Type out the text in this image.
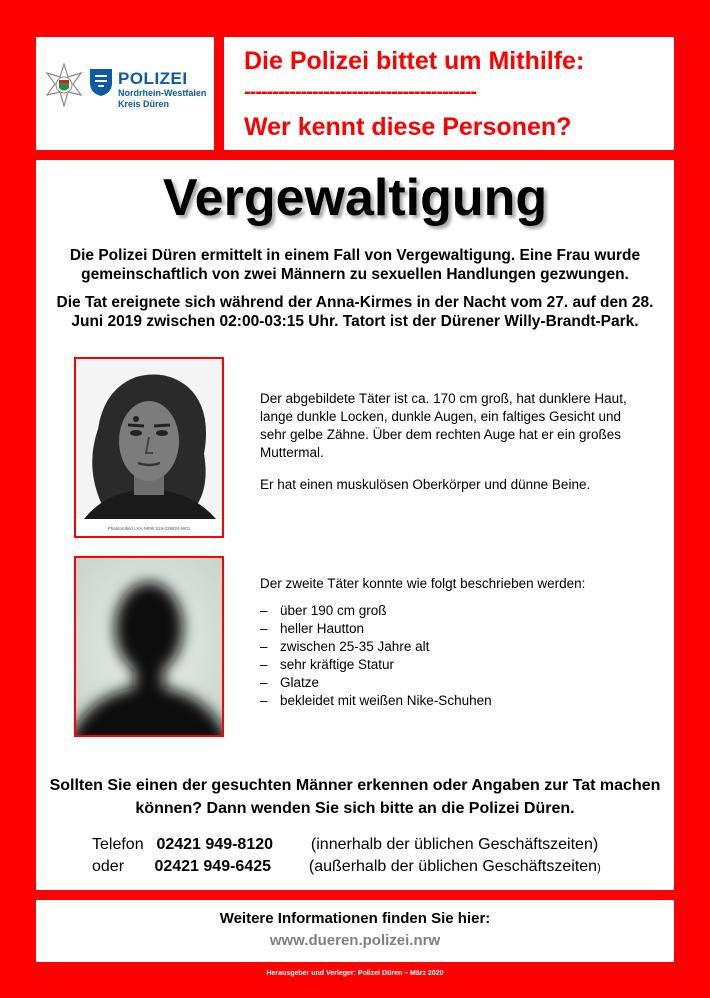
POLIZEI
Nordrhein-Westfalen
Kreis Düren
Die Polizei bittet um Mithilfe:
-----------------------------------------
Wer kennt diese Personen?
Vergewaltigung
Die Polizei Düren ermittelt in einem Fall von Vergewaltigung. Eine Frau wurde gemeinschaftlich von zwei Männern zu sexuellen Handlungen gezwungen.
Die Tat ereignete sich während der Anna-Kirmes in der Nacht vom 27. auf den 28. Juni 2019 zwischen 02:00-03:15 Uhr. Tatort ist der Dürener Willy-Brandt-Park.
Phantombild LKA NRW 519-029924-W01
Der abgebildete Täter ist ca. 170 cm groß, hat dunklere Haut, lange dunkle Locken, dunkle Augen, ein faltiges Gesicht und sehr gelbe Zähne. Über dem rechten Auge hat er ein großes Muttermal.
Er hat einen muskulösen Oberkörper und dünne Beine.
Der zweite Täter konnte wie folgt beschrieben werden:
– über 190 cm groß
– heller Hautton
– zwischen 25-35 Jahre alt
– sehr kräftige Statur
– Glatze
– bekleidet mit weißen Nike-Schuhen
Sollten Sie einen der gesuchten Männer erkennen oder Angaben zur Tat machen können? Dann wenden Sie sich bitte an die Polizei Düren.
Telefon 02421 949-8120 (innerhalb der üblichen Geschäftszeiten)
oder 02421 949-6425 (außerhalb der üblichen Geschäftszeiten)
Weitere Informationen finden Sie hier:
www.dueren.polizei.nrw
Herausgeber und Verleger: Polizei Düren – März 2020
